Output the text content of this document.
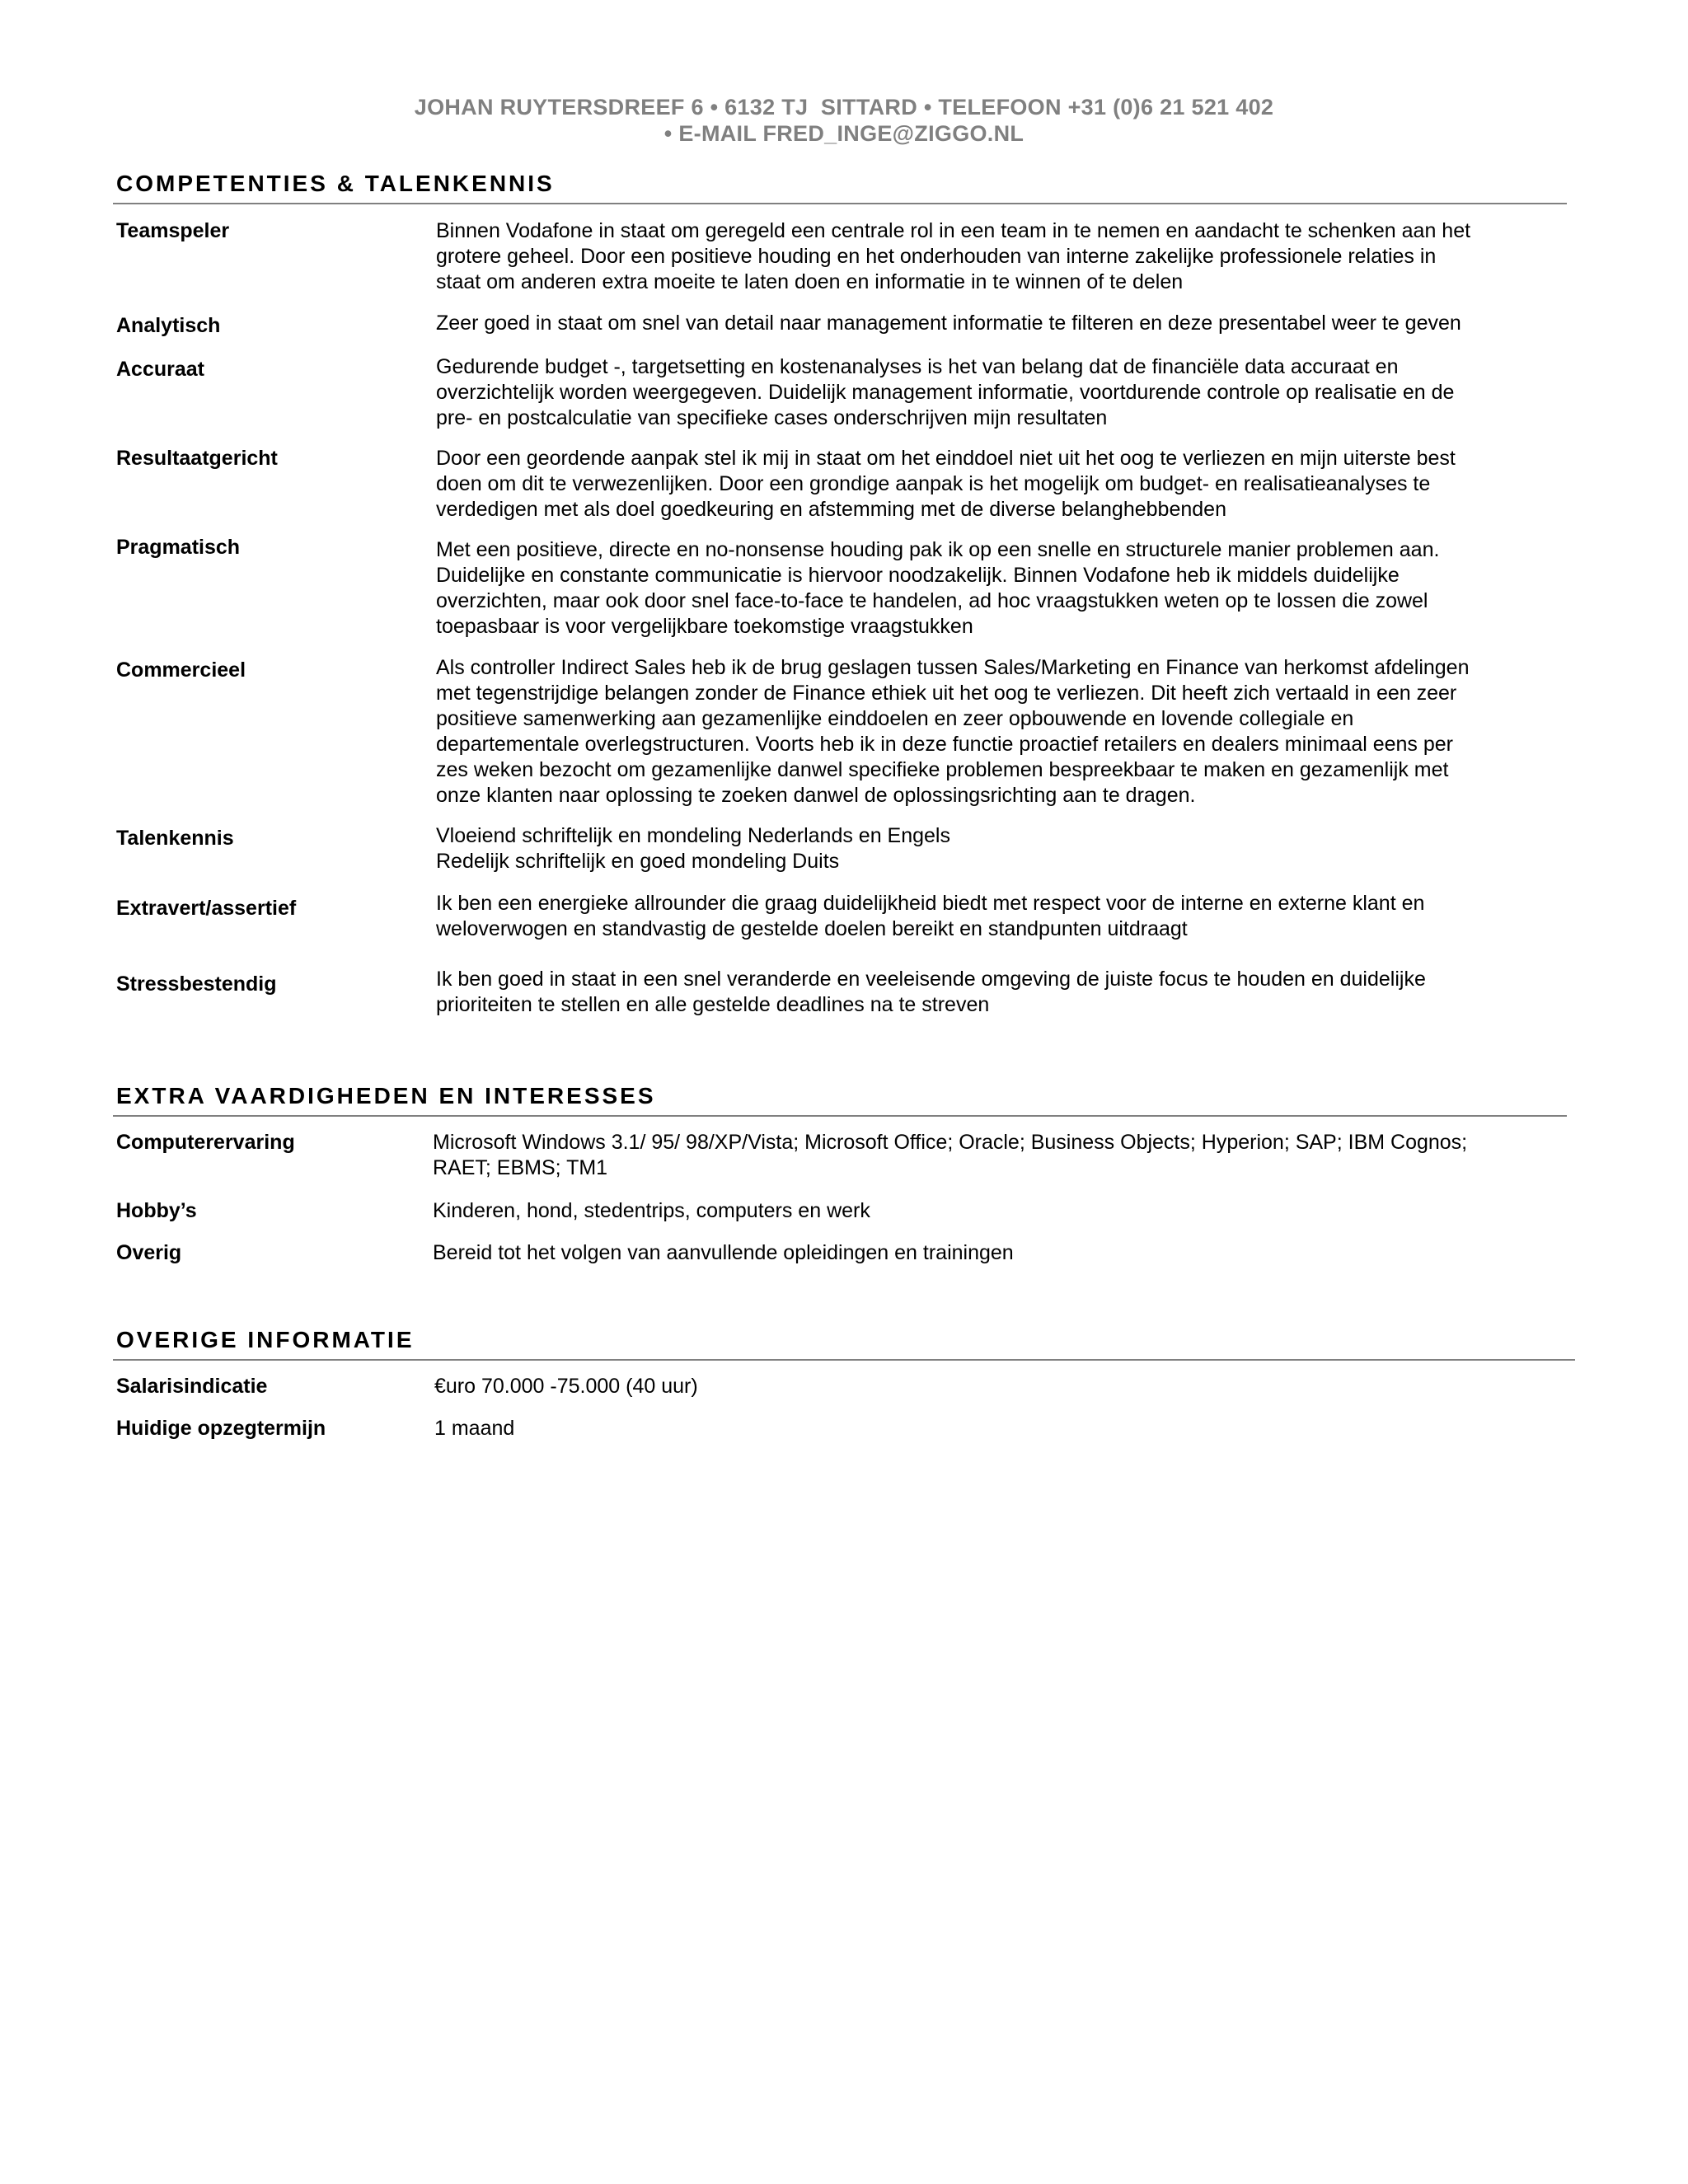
JOHAN RUYTERSDREEF 6 • 6132 TJ  SITTARD • TELEFOON +31 (0)6 21 521 402
• E-MAIL FRED_INGE@ZIGGO.NL
COMPETENTIES & TALENKENNIS
Teamspeler	Binnen Vodafone in staat om geregeld een centrale rol in een team in te nemen en aandacht te schenken aan het
grotere geheel. Door een positieve houding en het onderhouden van interne zakelijke professionele relaties in
staat om anderen extra moeite te laten doen en informatie in te winnen of te delen
Analytisch	Zeer goed in staat om snel van detail naar management informatie te filteren en deze presentabel weer te geven
Accuraat	Gedurende budget -, targetsetting en kostenanalyses is het van belang dat de financiële data accuraat en
overzichtelijk worden weergegeven. Duidelijk management informatie, voortdurende controle op realisatie en de
pre- en postcalculatie van specifieke cases onderschrijven mijn resultaten
Resultaatgericht	Door een geordende aanpak stel ik mij in staat om het einddoel niet uit het oog te verliezen en mijn uiterste best
doen om dit te verwezenlijken. Door een grondige aanpak is het mogelijk om budget- en realisatieanalyses te
verdedigen met als doel goedkeuring en afstemming met de diverse belanghebbenden
Pragmatisch	Met een positieve, directe en no-nonsense houding pak ik op een snelle en structurele manier problemen aan.
Duidelijke en constante communicatie is hiervoor noodzakelijk. Binnen Vodafone heb ik middels duidelijke
overzichten, maar ook door snel face-to-face te handelen, ad hoc vraagstukken weten op te lossen die zowel
toepasbaar is voor vergelijkbare toekomstige vraagstukken
Commercieel	Als controller Indirect Sales heb ik de brug geslagen tussen Sales/Marketing en Finance van herkomst afdelingen
met tegenstrijdige belangen zonder de Finance ethiek uit het oog te verliezen. Dit heeft zich vertaald in een zeer
positieve samenwerking aan gezamenlijke einddoelen en zeer opbouwende en lovende collegiale en
departementale overlegstructuren. Voorts heb ik in deze functie proactief retailers en dealers minimaal eens per
zes weken bezocht om gezamenlijke danwel specifieke problemen bespreekbaar te maken en gezamenlijk met
onze klanten naar oplossing te zoeken danwel de oplossingsrichting aan te dragen.
Talenkennis	Vloeiend schriftelijk en mondeling Nederlands en Engels
Redelijk schriftelijk en goed mondeling Duits
Extravert/assertief	Ik ben een energieke allrounder die graag duidelijkheid biedt met respect voor de interne en externe klant en
weloverwogen en standvastig de gestelde doelen bereikt en standpunten uitdraagt
Stressbestendig	Ik ben goed in staat in een snel veranderde en veeleisende omgeving de juiste focus te houden en duidelijke
prioriteiten te stellen en alle gestelde deadlines na te streven
EXTRA VAARDIGHEDEN EN INTERESSES
Computerervaring	Microsoft Windows 3.1/ 95/ 98/XP/Vista; Microsoft Office; Oracle; Business Objects; Hyperion; SAP; IBM Cognos;
RAET; EBMS; TM1
Hobby’s	Kinderen, hond, stedentrips, computers en werk
Overig	Bereid tot het volgen van aanvullende opleidingen en trainingen
OVERIGE INFORMATIE
Salarisindicatie	€uro 70.000 -75.000 (40 uur)
Huidige opzegtermijn	1 maand
